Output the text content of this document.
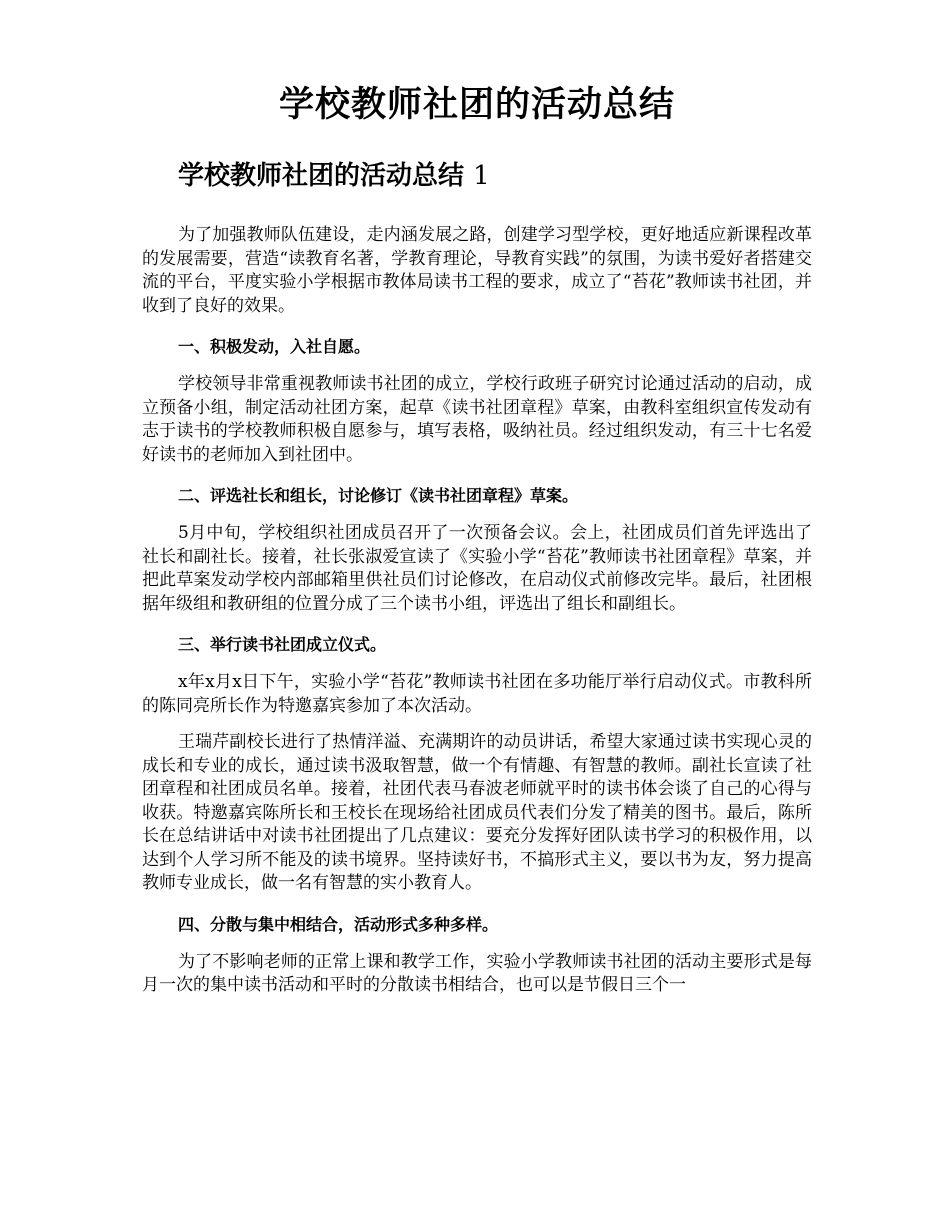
学校教师社团的活动总结
学校教师社团的活动总结 1

为了加强教师队伍建设，走内涵发展之路，创建学习型学校，更好地适应新课程改革的发展需要，营造“读教育名著，学教育理论，导教育实践”的氛围，为读书爱好者搭建交流的平台，平度实验小学根据市教体局读书工程的要求，成立了“苔花”教师读书社团，并收到了良好的效果。

一、积极发动，入社自愿。

学校领导非常重视教师读书社团的成立，学校行政班子研究讨论通过活动的启动，成立预备小组，制定活动社团方案，起草《读书社团章程》草案，由教科室组织宣传发动有志于读书的学校教师积极自愿参与，填写表格，吸纳社员。经过组织发动，有三十七名爱好读书的老师加入到社团中。

二、评选社长和组长，讨论修订《读书社团章程》草案。

5月中旬，学校组织社团成员召开了一次预备会议。会上，社团成员们首先评选出了社长和副社长。接着，社长张淑爱宣读了《实验小学“苔花”教师读书社团章程》草案，并把此草案发动学校内部邮箱里供社员们讨论修改，在启动仪式前修改完毕。最后，社团根据年级组和教研组的位置分成了三个读书小组，评选出了组长和副组长。

三、举行读书社团成立仪式。

x年x月x日下午，实验小学“苔花”教师读书社团在多功能厅举行启动仪式。市教科所的陈同亮所长作为特邀嘉宾参加了本次活动。

王瑞芹副校长进行了热情洋溢、充满期许的动员讲话，希望大家通过读书实现心灵的成长和专业的成长，通过读书汲取智慧，做一个有情趣、有智慧的教师。副社长宣读了社团章程和社团成员名单。接着，社团代表马春波老师就平时的读书体会谈了自己的心得与收获。特邀嘉宾陈所长和王校长在现场给社团成员代表们分发了精美的图书。最后，陈所长在总结讲话中对读书社团提出了几点建议：要充分发挥好团队读书学习的积极作用，以达到个人学习所不能及的读书境界。坚持读好书，不搞形式主义，要以书为友，努力提高教师专业成长，做一名有智慧的实小教育人。

四、分散与集中相结合，活动形式多种多样。

为了不影响老师的正常上课和教学工作，实验小学教师读书社团的活动主要形式是每月一次的集中读书活动和平时的分散读书相结合，也可以是节假日三个一
